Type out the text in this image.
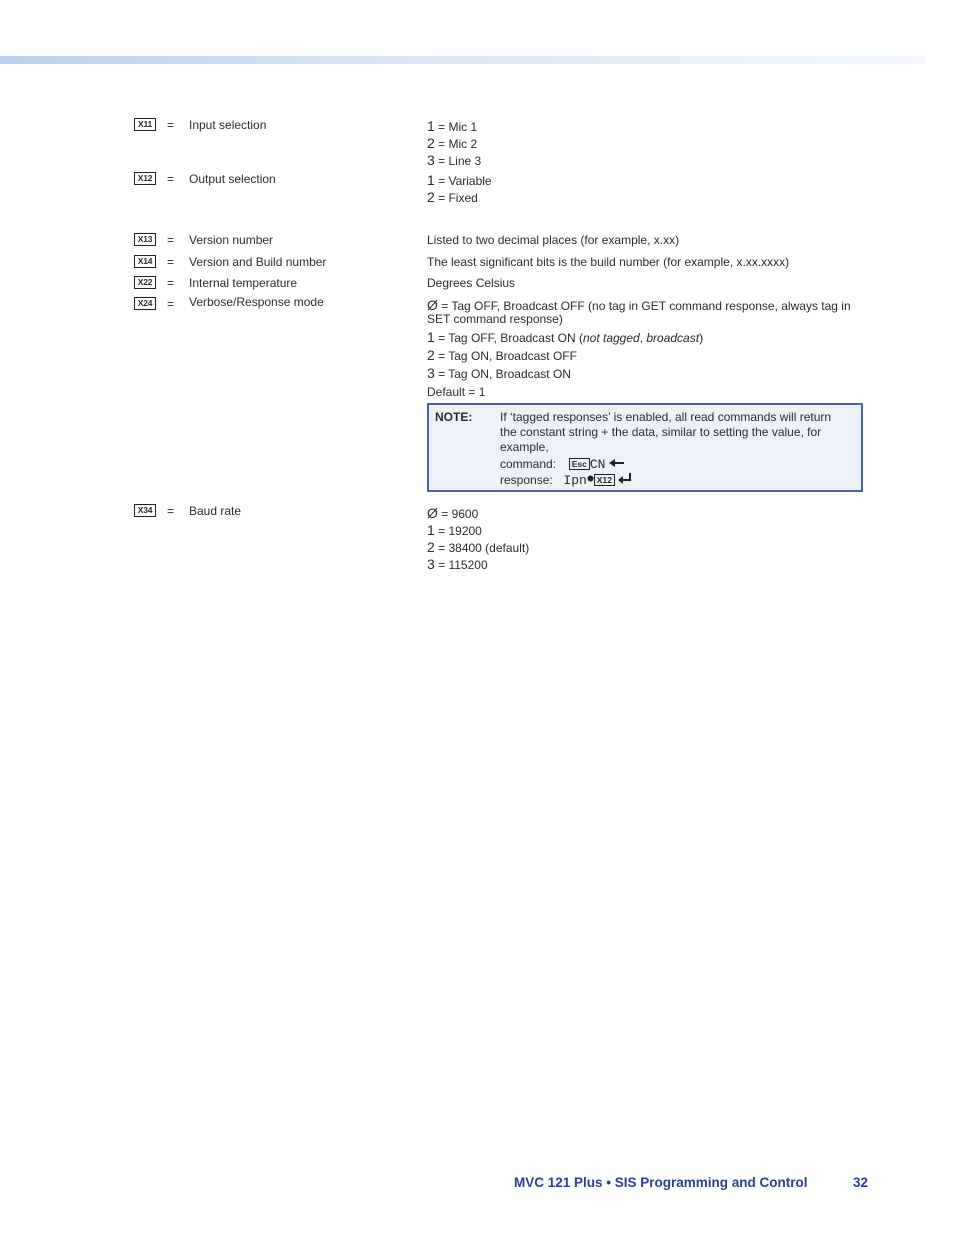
X11	= Input selection	1 = Mic 1
2 = Mic 2
3 = Line 3
X12	= Output selection	1 = Variable
2 = Fixed
X13	= Version number	Listed to two decimal places (for example, x.xx)
X14	= Version and Build number	The least significant bits is the build number (for example, x.xx.xxxx)
X22	= Internal temperature	Degrees Celsius
X24	= Verbose/Response mode	Ø = Tag OFF, Broadcast OFF (no tag in GET command response, always tag in SET command response)
1 = Tag OFF, Broadcast ON (not tagged, broadcast)
2 = Tag ON, Broadcast OFF
3 = Tag ON, Broadcast ON
Default = 1
NOTE: If ‘tagged responses’ is enabled, all read commands will return the constant string + the data, similar to setting the value, for example,
command: Esc CN
response: Ipn X12
X34	= Baud rate	Ø = 9600
1 = 19200
2 = 38400 (default)
3 = 115200
MVC 121 Plus • SIS Programming and Control	32
